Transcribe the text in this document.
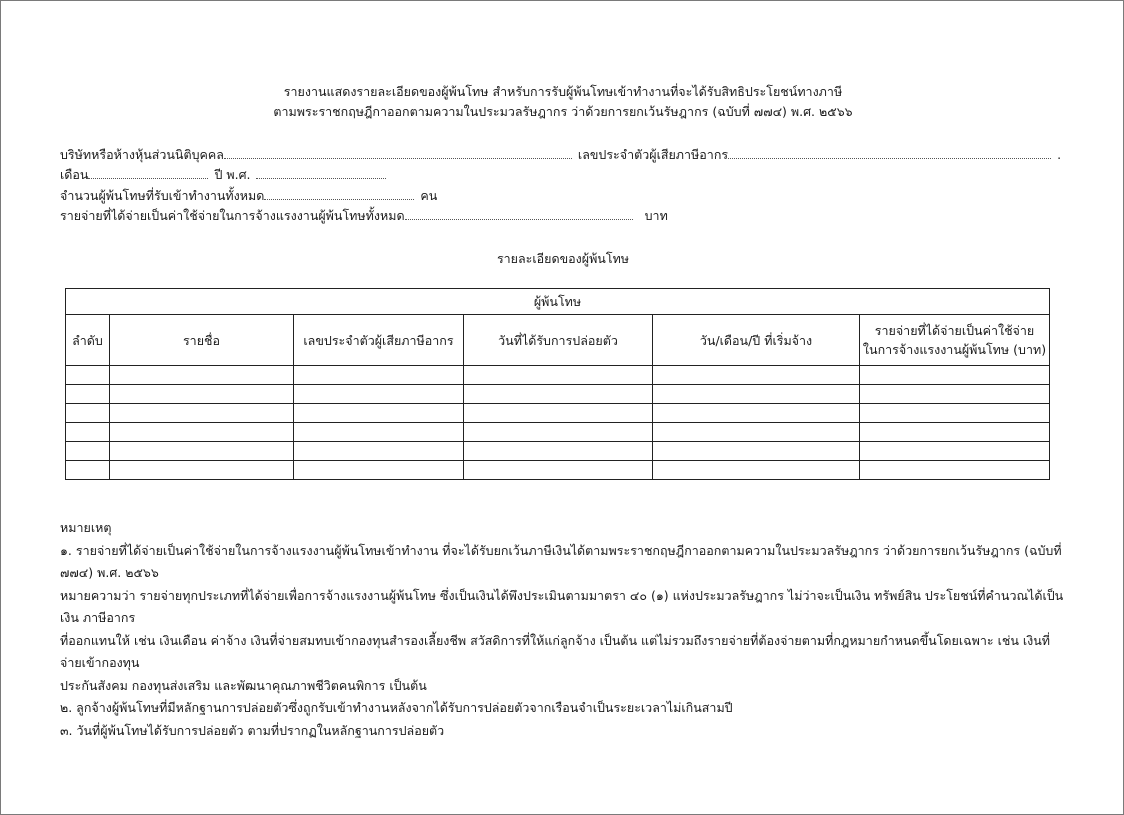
รายงานแสดงรายละเอียดของผู้พ้นโทษ สำหรับการรับผู้พ้นโทษเข้าทำงานที่จะได้รับสิทธิประโยชน์ทางภาษี
ตามพระราชกฤษฎีกาออกตามความในประมวลรัษฎากร ว่าด้วยการยกเว้นรัษฎากร (ฉบับที่ ๗๗๔) พ.ศ. ๒๕๖๖
บริษัทหรือห้างหุ้นส่วนนิติบุคคล	เลขประจำตัวผู้เสียภาษีอากร	.
เดือน	ปี พ.ศ.
จำนวนผู้พ้นโทษที่รับเข้าทำงานทั้งหมด	คน
รายจ่ายที่ได้จ่ายเป็นค่าใช้จ่ายในการจ้างแรงงานผู้พ้นโทษทั้งหมด	บาท
รายละเอียดของผู้พ้นโทษ
ผู้พ้นโทษ					
ลำดับ	รายชื่อ	เลขประจำตัวผู้เสียภาษีอากร	วันที่ได้รับการปล่อยตัว	วัน/เดือน/ปี ที่เริ่มจ้าง	รายจ่ายที่ได้จ่ายเป็นค่าใช้จ่าย
ในการจ้างแรงงานผู้พ้นโทษ (บาท)

หมายเหตุ

๑. รายจ่ายที่ได้จ่ายเป็นค่าใช้จ่ายในการจ้างแรงงานผู้พ้นโทษเข้าทำงาน ที่จะได้รับยกเว้นภาษีเงินได้ตามพระราชกฤษฎีกาออกตามความในประมวลรัษฎากร ว่าด้วยการยกเว้นรัษฎากร (ฉบับที่ ๗๗๔) พ.ศ. ๒๕๖๖

หมายความว่า รายจ่ายทุกประเภทที่ได้จ่ายเพื่อการจ้างแรงงานผู้พ้นโทษ ซึ่งเป็นเงินได้พึงประเมินตามมาตรา ๔๐ (๑) แห่งประมวลรัษฎากร ไม่ว่าจะเป็นเงิน ทรัพย์สิน ประโยชน์ที่คำนวณได้เป็นเงิน ภาษีอากร

ที่ออกแทนให้ เช่น เงินเดือน ค่าจ้าง เงินที่จ่ายสมทบเข้ากองทุนสำรองเลี้ยงชีพ สวัสดิการที่ให้แก่ลูกจ้าง เป็นต้น แต่ไม่รวมถึงรายจ่ายที่ต้องจ่ายตามที่กฎหมายกำหนดขึ้นโดยเฉพาะ เช่น เงินที่จ่ายเข้ากองทุน

ประกันสังคม กองทุนส่งเสริม และพัฒนาคุณภาพชีวิตคนพิการ เป็นต้น

๒. ลูกจ้างผู้พ้นโทษที่มีหลักฐานการปล่อยตัวซึ่งถูกรับเข้าทำงานหลังจากได้รับการปล่อยตัวจากเรือนจำเป็นระยะเวลาไม่เกินสามปี

๓. วันที่ผู้พ้นโทษได้รับการปล่อยตัว ตามที่ปรากฏในหลักฐานการปล่อยตัว
